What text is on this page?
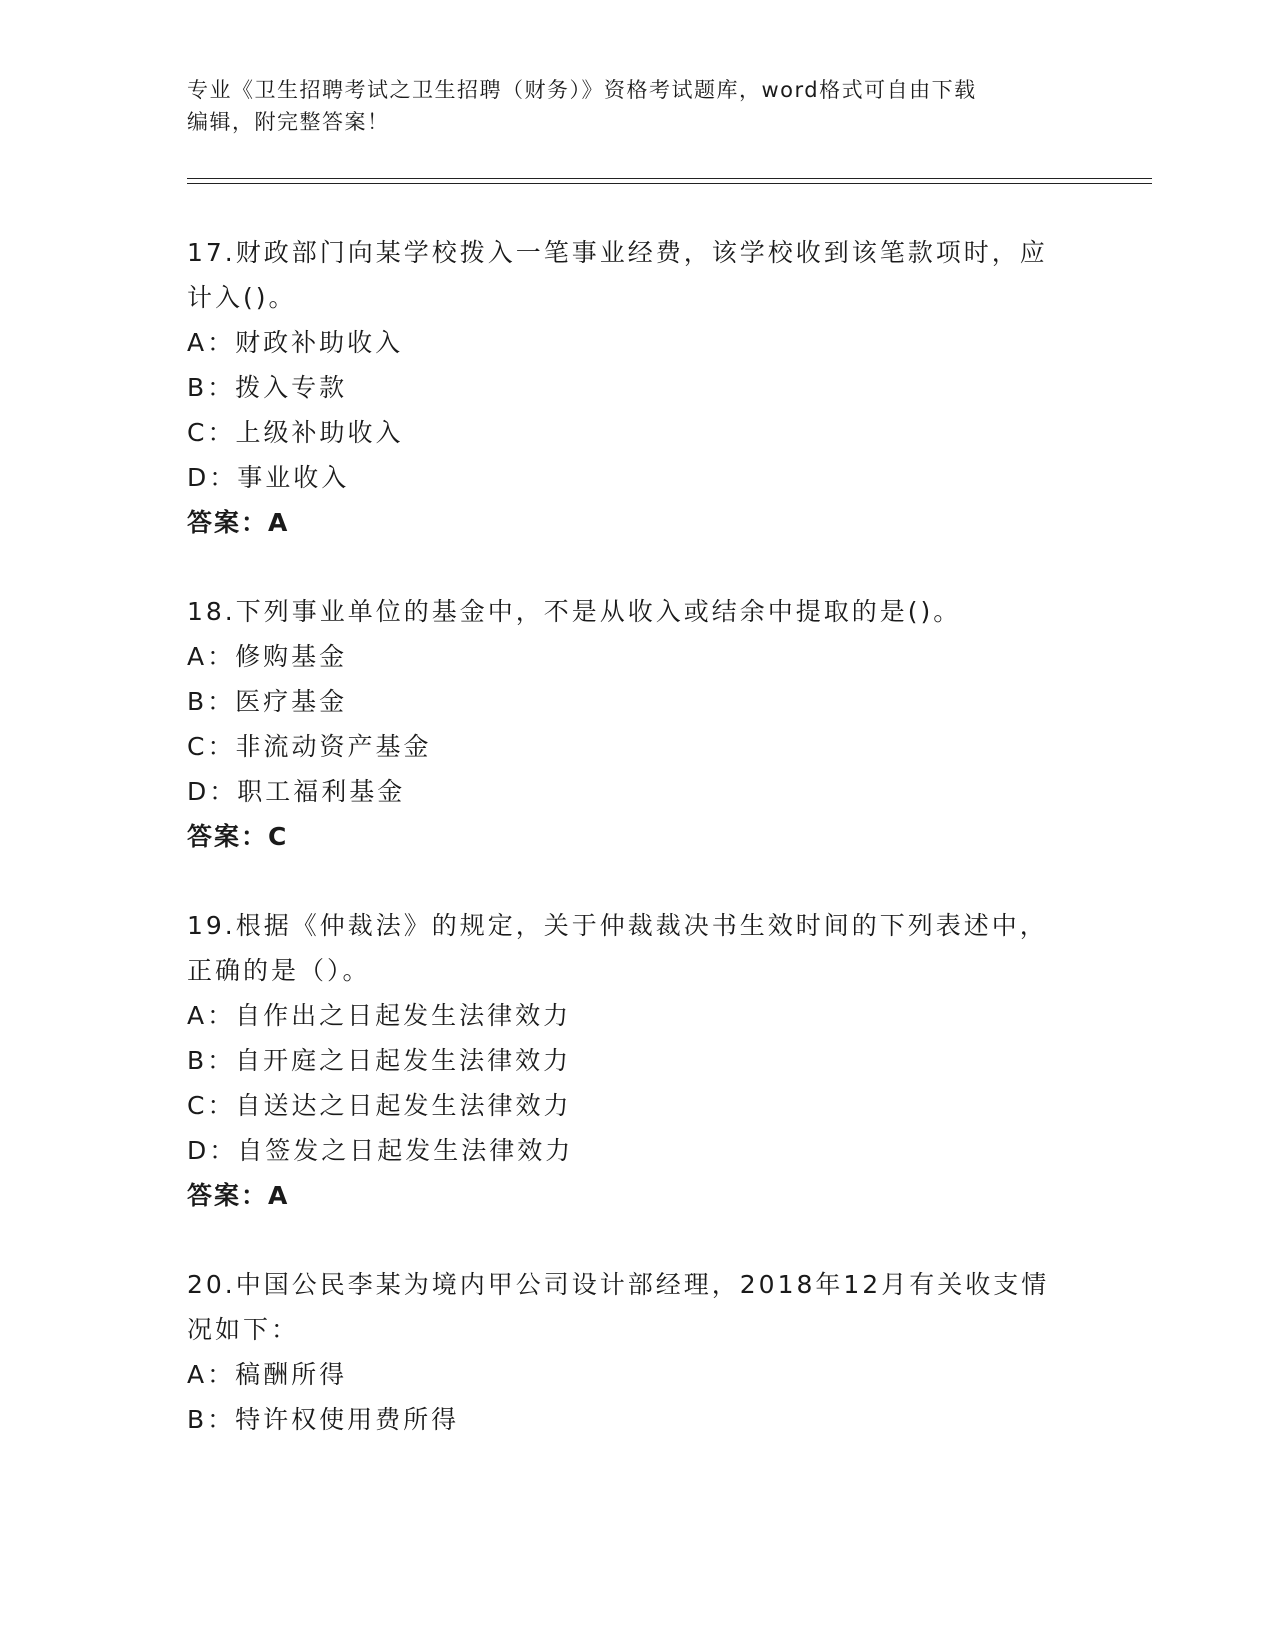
专业《卫生招聘考试之卫生招聘（财务）》资格考试题库，word格式可自由下载
编辑，附完整答案！

17.财政部门向某学校拨入一笔事业经费，该学校收到该笔款项时，应

计入()。

A：财政补助收入

B：拨入专款

C：上级补助收入

D：事业收入

答案：A

18.下列事业单位的基金中，不是从收入或结余中提取的是()。

A：修购基金

B：医疗基金

C：非流动资产基金

D：职工福利基金

答案：C

19.根据《仲裁法》的规定，关于仲裁裁决书生效时间的下列表述中，

正确的是（）。

A：自作出之日起发生法律效力

B：自开庭之日起发生法律效力

C：自送达之日起发生法律效力

D：自签发之日起发生法律效力

答案：A

20.中国公民李某为境内甲公司设计部经理，2018年12月有关收支情

况如下：

A：稿酬所得

B：特许权使用费所得
